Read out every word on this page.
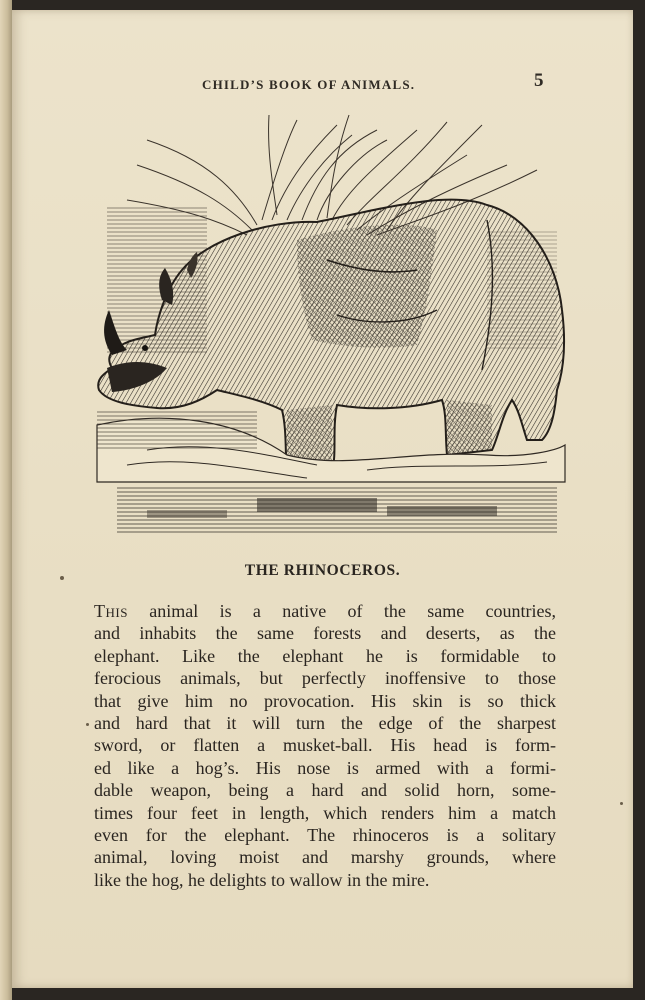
CHILD’S BOOK OF ANIMALS.	5
THE RHINOCEROS.
This animal is a native of the same countries,
and inhabits the same forests and deserts, as the
elephant. Like the elephant he is formidable to
ferocious animals, but perfectly inoffensive to those
that give him no provocation. His skin is so thick
and hard that it will turn the edge of the sharpest
sword, or flatten a musket-ball. His head is form-
ed like a hog’s. His nose is armed with a formi-
dable weapon, being a hard and solid horn, some-
times four feet in length, which renders him a match
even for the elephant. The rhinoceros is a solitary
animal, loving moist and marshy grounds, where
like the hog, he delights to wallow in the mire.
